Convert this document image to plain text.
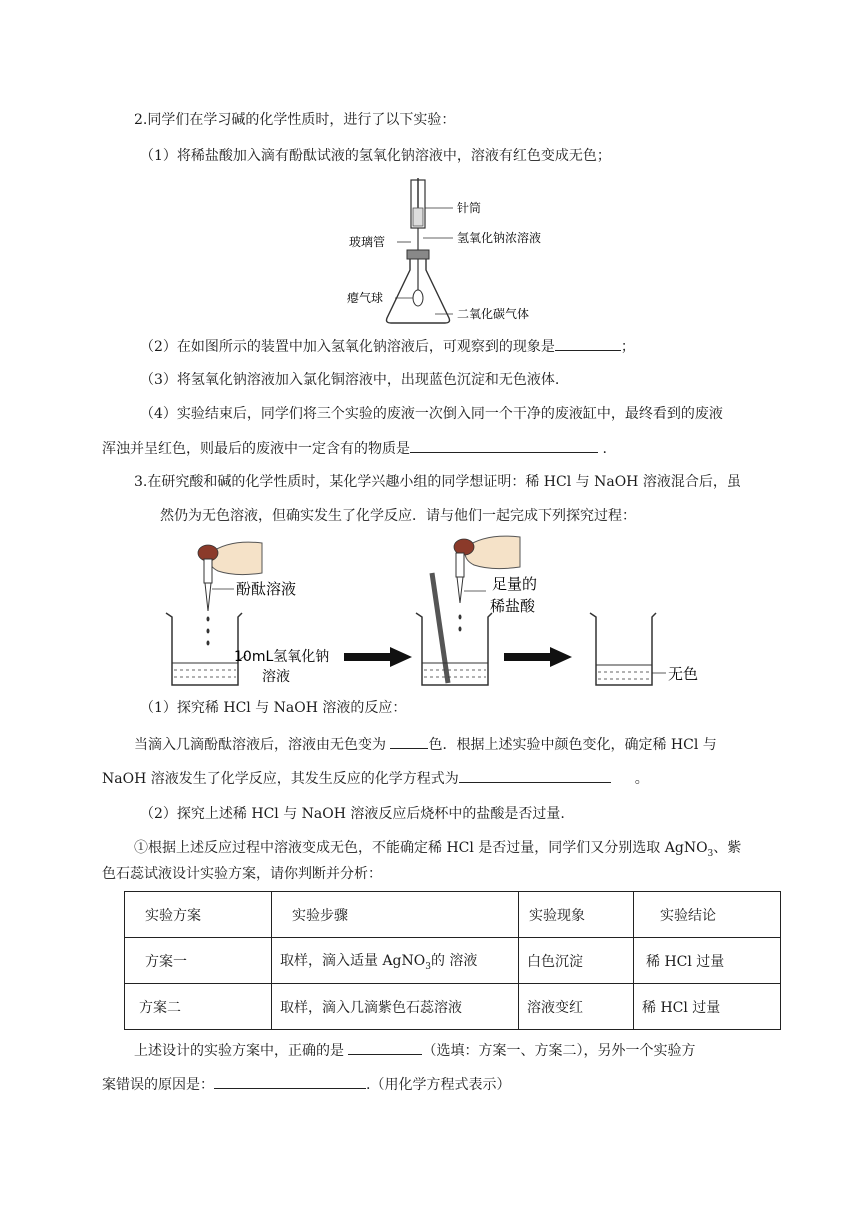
2.同学们在学习碱的化学性质时，进行了以下实验：
（1）将稀盐酸加入滴有酚酞试液的氢氧化钠溶液中，溶液有红色变成无色；
针筒
氢氧化钠浓溶液
玻璃管
瘪气球
二氧化碳气体
（2）在如图所示的装置中加入氢氧化钠溶液后，可观察到的现象是	；
（3）将氢氧化钠溶液加入氯化铜溶液中，出现蓝色沉淀和无色液体.
（4）实验结束后，同学们将三个实验的废液一次倒入同一个干净的废液缸中，最终看到的废液
浑浊并呈红色，则最后的废液中一定含有的物质是	.
3.在研究酸和碱的化学性质时，某化学兴趣小组的同学想证明：稀 HCl 与 NaOH 溶液混合后，虽
然仍为无色溶液，但确实发生了化学反应．请与他们一起完成下列探究过程：
酚酞溶液
10mL氢氧化钠
溶液
足量的
稀盐酸
无色
（1）探究稀 HCl 与 NaOH 溶液的反应：
当滴入几滴酚酞溶液后，溶液由无色变为	色．根据上述实验中颜色变化，确定稀 HCl 与
NaOH 溶液发生了化学反应，其发生反应的化学方程式为	。
（2）探究上述稀 HCl 与 NaOH 溶液反应后烧杯中的盐酸是否过量.
①根据上述反应过程中溶液变成无色，不能确定稀 HCl 是否过量，同学们又分别选取 AgNO$_3$、紫
色石蕊试液设计实验方案，请你判断并分析：
实验方案	实验步骤	实验现象	实验结论
方案一	取样，滴入适量 AgNO$_3$的 溶液	白色沉淀	稀 HCl 过量
方案二	取样，滴入几滴紫色石蕊溶液	溶液变红	稀 HCl 过量
上述设计的实验方案中，正确的是	（选填：方案一、方案二），另外一个实验方
案错误的原因是：	.（用化学方程式表示）
